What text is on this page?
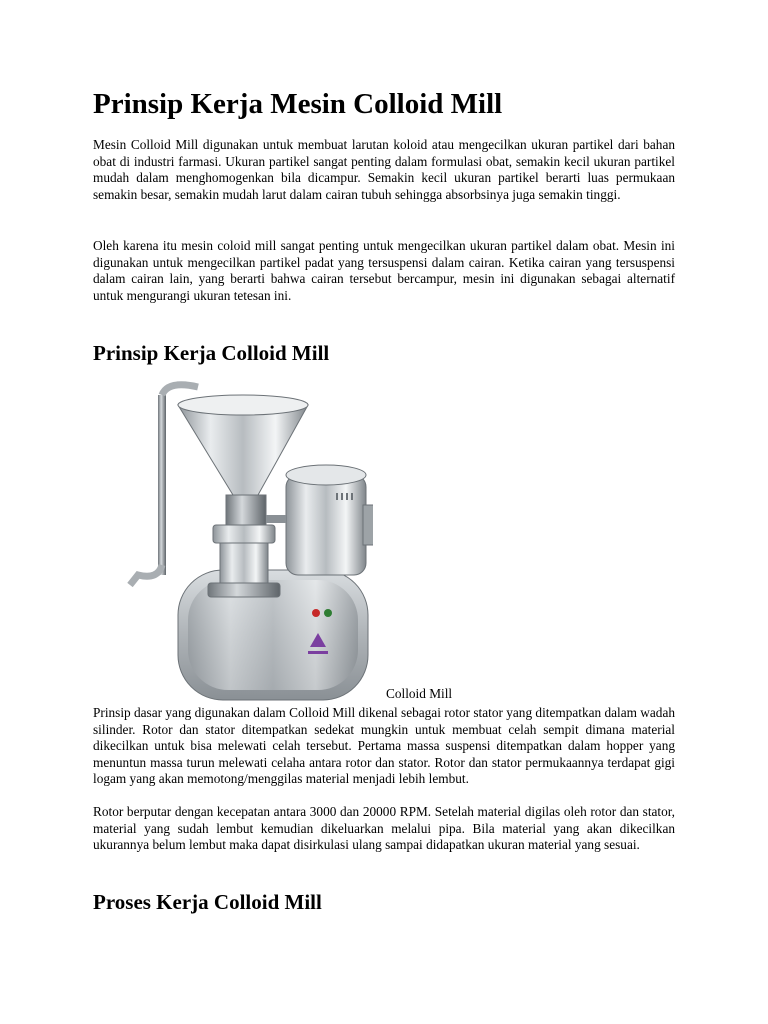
Prinsip Kerja Mesin Colloid Mill

Mesin Colloid Mill digunakan untuk membuat larutan koloid atau mengecilkan ukuran partikel dari bahan obat di industri farmasi. Ukuran partikel sangat penting dalam formulasi obat, semakin kecil ukuran partikel mudah dalam menghomogenkan bila dicampur. Semakin kecil ukuran partikel berarti luas permukaan semakin besar, semakin mudah larut dalam cairan tubuh sehingga absorbsinya juga semakin tinggi.

Oleh karena itu mesin coloid mill sangat penting untuk mengecilkan ukuran partikel dalam obat. Mesin ini digunakan untuk mengecilkan partikel padat yang tersuspensi dalam cairan. Ketika cairan yang tersuspensi dalam cairan lain, yang berarti bahwa cairan tersebut bercampur, mesin ini digunakan sebagai alternatif untuk mengurangi ukuran tetesan ini.

Prinsip Kerja Colloid Mill
Colloid Mill

Prinsip dasar yang digunakan dalam Colloid Mill dikenal sebagai rotor stator yang ditempatkan dalam wadah silinder. Rotor dan stator ditempatkan sedekat mungkin untuk membuat celah sempit dimana material dikecilkan untuk bisa melewati celah tersebut. Pertama massa suspensi ditempatkan dalam hopper yang menuntun massa turun melewati celaha antara rotor dan stator. Rotor dan stator permukaannya terdapat gigi logam yang akan memotong/menggilas material menjadi lebih lembut.

Rotor berputar dengan kecepatan antara 3000 dan 20000 RPM. Setelah material digilas oleh rotor dan stator, material yang sudah lembut kemudian dikeluarkan melalui pipa. Bila material yang akan dikecilkan ukurannya belum lembut maka dapat disirkulasi ulang sampai didapatkan ukuran material yang sesuai.

Proses Kerja Colloid Mill
